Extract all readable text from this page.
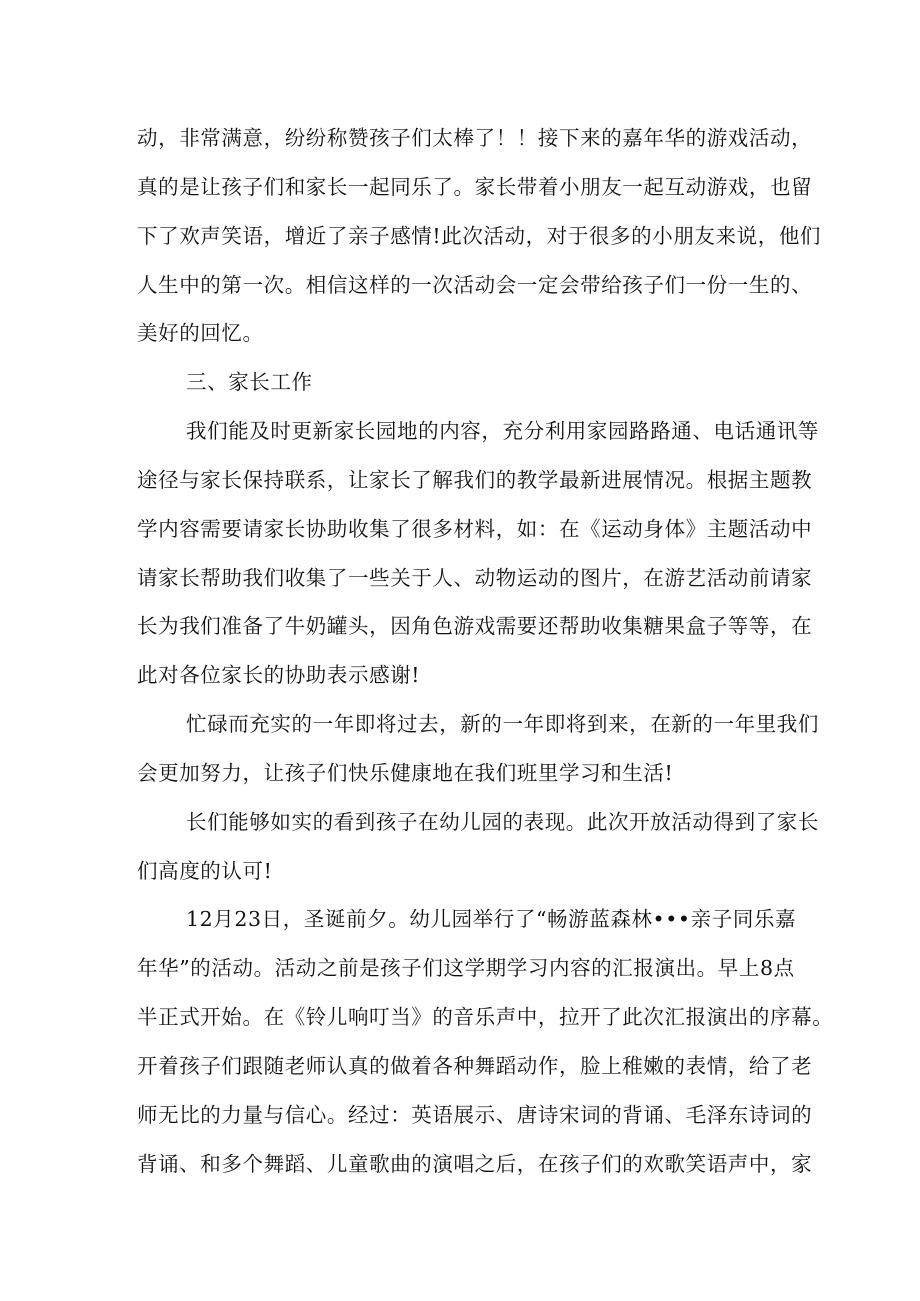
动，非常满意，纷纷称赞孩子们太棒了！！接下来的嘉年华的游戏活动，
真的是让孩子们和家长一起同乐了。家长带着小朋友一起互动游戏，也留
下了欢声笑语，增近了亲子感情!此次活动，对于很多的小朋友来说，他们
人生中的第一次。相信这样的一次活动会一定会带给孩子们一份一生的、
美好的回忆。
三、家长工作
我们能及时更新家长园地的内容，充分利用家园路路通、电话通讯等
途径与家长保持联系，让家长了解我们的教学最新进展情况。根据主题教
学内容需要请家长协助收集了很多材料，如：在《运动身体》主题活动中
请家长帮助我们收集了一些关于人、动物运动的图片，在游艺活动前请家
长为我们准备了牛奶罐头，因角色游戏需要还帮助收集糖果盒子等等，在
此对各位家长的协助表示感谢!
忙碌而充实的一年即将过去，新的一年即将到来，在新的一年里我们
会更加努力，让孩子们快乐健康地在我们班里学习和生活!
长们能够如实的看到孩子在幼儿园的表现。此次开放活动得到了家长
们高度的认可!
12月23日，圣诞前夕。幼儿园举行了“畅游蓝森林•••亲子同乐嘉
年华”的活动。活动之前是孩子们这学期学习内容的汇报演出。早上8点
半正式开始。在《铃儿响叮当》的音乐声中，拉开了此次汇报演出的序幕。
开着孩子们跟随老师认真的做着各种舞蹈动作，脸上稚嫩的表情，给了老
师无比的力量与信心。经过：英语展示、唐诗宋词的背诵、毛泽东诗词的
背诵、和多个舞蹈、儿童歌曲的演唱之后，在孩子们的欢歌笑语声中，家
